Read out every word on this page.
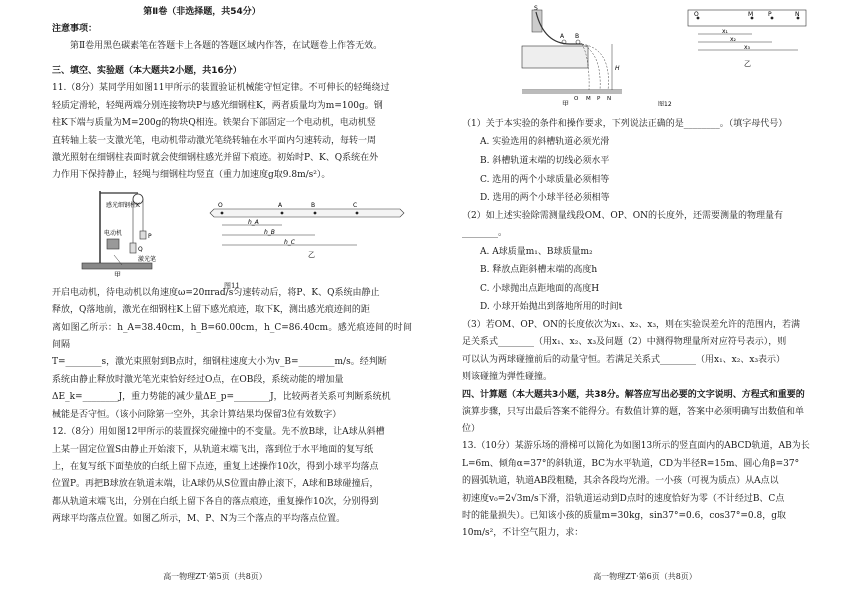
第Ⅱ卷（非选择题，共54分）

注意事项：

第Ⅱ卷用黑色碳素笔在答题卡上各题的答题区域内作答，在试题卷上作答无效。

三、填空、实验题（本大题共2小题，共16分）

11.（8分）某同学用如图11甲所示的装置验证机械能守恒定律。不可伸长的轻绳绕过

轻质定滑轮，轻绳两端分别连接物块P与感光细钢柱K，两者质量均为m=100g。钢

柱K下端与质量为M=200g的物块Q相连。铁架台下部固定一个电动机，电动机竖

直转轴上装一支激光笔，电动机带动激光笔绕转轴在水平面内匀速转动，每转一周

激光照射在细钢柱表面时就会使细钢柱感光并留下痕迹。初始时P、K、Q系统在外

力作用下保持静止，轻绳与细钢柱均竖直（重力加速度g取9.8m/s²）。

感光细钢柱K
电动机
激光笔
P
Q
甲
O	A	B	C
h_A
h_B
h_C
乙

图11

开启电动机，待电动机以角速度ω=20πrad/s匀速转动后，将P、K、Q系统由静止

释放，Q落地前，激光在细钢柱K上留下感光痕迹，取下K，测出感光痕迹间的距

离如图乙所示：h_A=38.40cm，h_B=60.00cm，h_C=86.40cm。感光痕迹间的时间间隔

T=________s，激光束照射到B点时，细钢柱速度大小为v_B=________m/s。经判断

系统由静止释放时激光笔光束恰好经过O点，在OB段，系统动能的增加量

ΔE_k=________J，重力势能的减少量ΔE_p=________J，比较两者关系可判断系统机

械能是否守恒。（该小问除第一空外，其余计算结果均保留3位有效数字）

12.（8分）用如图12甲所示的装置探究碰撞中的不变量。先不放B球，让A球从斜槽

上某一固定位置S由静止开始滚下，从轨道末端飞出，落到位于水平地面的复写纸

上，在复写纸下面垫放的白纸上留下点迹，重复上述操作10次，得到小球平均落点

位置P。再把B球放在轨道末端，让A球仍从S位置由静止滚下，A球和B球碰撞后，

都从轨道末端飞出，分别在白纸上留下各自的落点痕迹，重复操作10次，分别得到

两球平均落点位置。如图乙所示，M、P、N为三个落点的平均落点位置。

高一物理ZT·第5页（共8页）
S
A B
H
O M P N
甲
O	M P	N
x₁
x₂
x₃
乙
图12

（1）关于本实验的条件和操作要求，下列说法正确的是________。（填字母代号）

A. 实验选用的斜槽轨道必须光滑

B. 斜槽轨道末端的切线必须水平

C. 选用的两个小球质量必须相等

D. 选用的两个小球半径必须相等

（2）如上述实验除需测量线段OM、OP、ON的长度外，还需要测量的物理量有

________。

A. A球质量m₁、B球质量m₂

B. 释放点距斜槽末端的高度h

C. 小球抛出点距地面的高度H

D. 小球开始抛出到落地所用的时间t

（3）若OM、OP、ON的长度依次为x₁、x₂、x₃，则在实验误差允许的范围内，若满

足关系式________（用x₁、x₂、x₃及问题（2）中测得物理量所对应符号表示），则

可以认为两球碰撞前后的动量守恒。若满足关系式________（用x₁、x₂、x₃表示）

则该碰撞为弹性碰撞。

四、计算题（本大题共3小题，共38分。解答应写出必要的文字说明、方程式和重要的

演算步骤，只写出最后答案不能得分。有数值计算的题，答案中必须明确写出数值和单

位）

13.（10分）某游乐场的滑梯可以简化为如图13所示的竖直面内的ABCD轨道，AB为长

L=6m、倾角α=37°的斜轨道，BC为水平轨道，CD为半径R=15m、圆心角β=37°

的圆弧轨道，轨道AB段粗糙，其余各段均光滑。一小孩（可视为质点）从A点以

初速度v₀=2√3m/s下滑，沿轨道运动到D点时的速度恰好为零（不计经过B、C点

时的能量损失）。已知该小孩的质量m=30kg，sin37°=0.6，cos37°=0.8，g取

10m/s²，不计空气阻力，求：

高一物理ZT·第6页（共8页）
